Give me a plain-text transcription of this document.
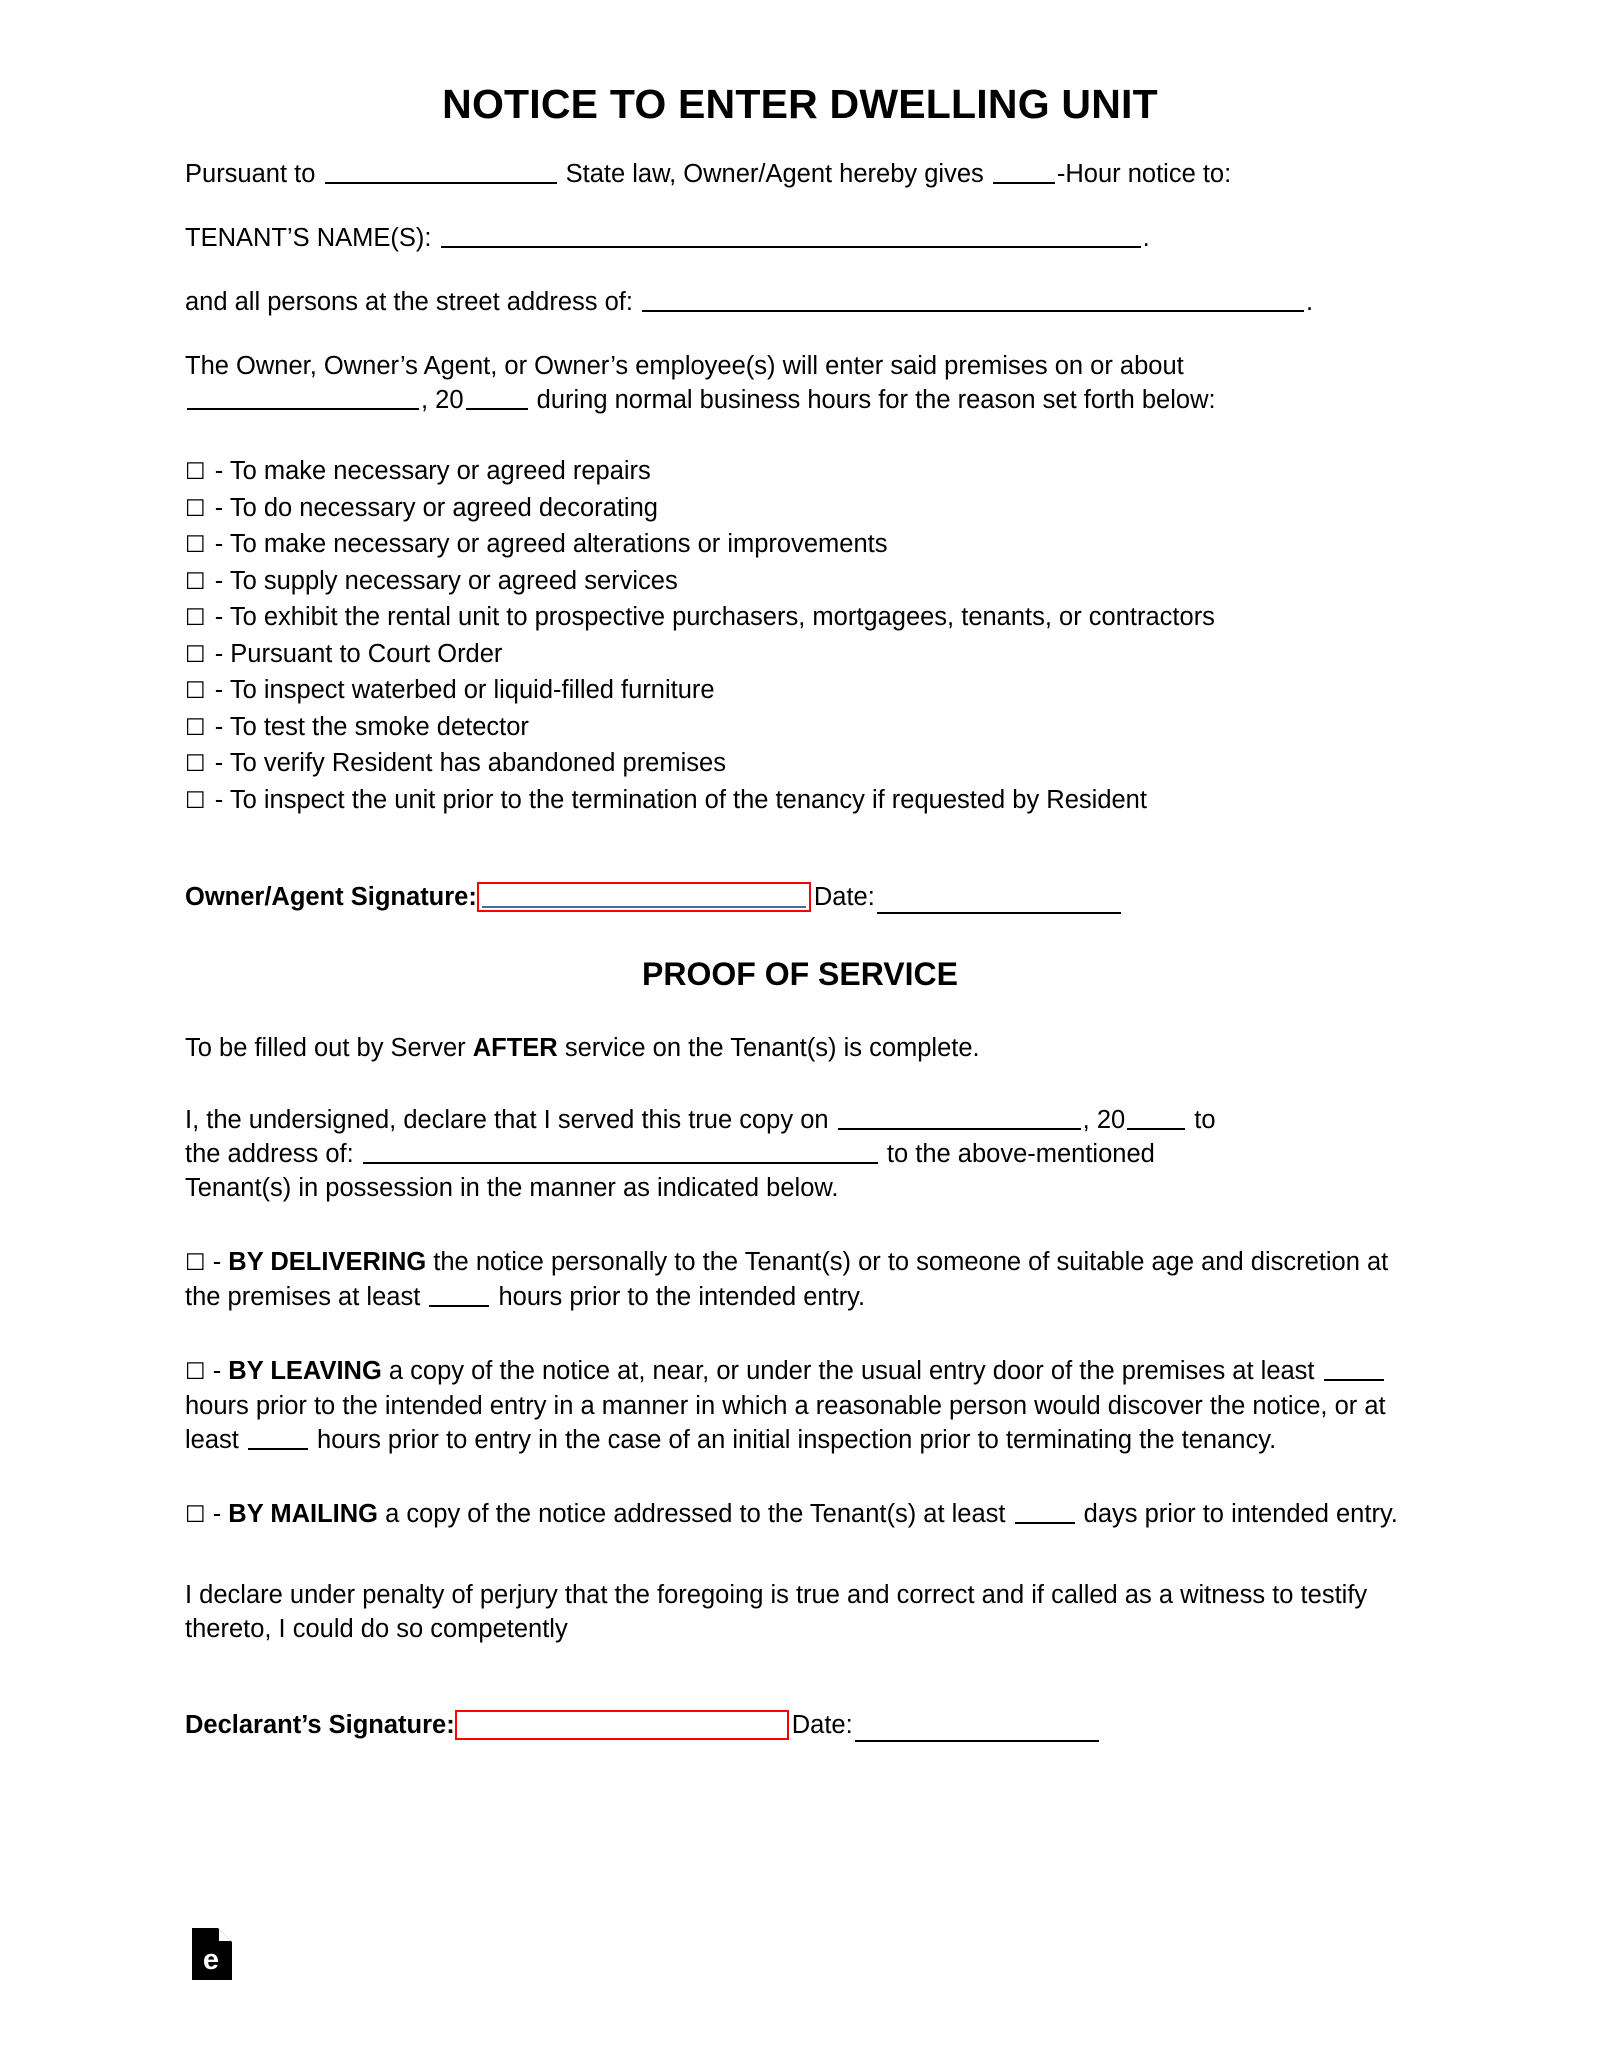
NOTICE TO ENTER DWELLING UNIT
Pursuant to	State law, Owner/Agent hereby gives	-Hour notice to:
TENANT’S NAME(S):	.
and all persons at the street address of:	.
The Owner, Owner’s Agent, or Owner’s employee(s) will enter said premises on or about
, 20	during normal business hours for the reason set forth below:
☐ - To make necessary or agreed repairs
☐ - To do necessary or agreed decorating
☐ - To make necessary or agreed alterations or improvements
☐ - To supply necessary or agreed services
☐ - To exhibit the rental unit to prospective purchasers, mortgagees, tenants, or contractors
☐ - Pursuant to Court Order
☐ - To inspect waterbed or liquid-filled furniture
☐ - To test the smoke detector
☐ - To verify Resident has abandoned premises
☐ - To inspect the unit prior to the termination of the tenancy if requested by Resident
Owner/Agent Signature:	Date:
PROOF OF SERVICE
To be filled out by Server AFTER service on the Tenant(s) is complete.
I, the undersigned, declare that I served this true copy on	, 20	to
the address of:	to the above-mentioned
Tenant(s) in possession in the manner as indicated below.
☐ - BY DELIVERING the notice personally to the Tenant(s) or to someone of suitable age and discretion at the premises at least	hours prior to the intended entry.
☐ - BY LEAVING a copy of the notice at, near, or under the usual entry door of the premises at least  hours prior to the intended entry in a manner in which a reasonable person would discover the notice, or at least	hours prior to entry in the case of an initial inspection prior to terminating the tenancy.
☐ - BY MAILING a copy of the notice addressed to the Tenant(s) at least	days prior to intended entry.
I declare under penalty of perjury that the foregoing is true and correct and if called as a witness to testify thereto, I could do so competently
Declarant’s Signature:	Date:
e
